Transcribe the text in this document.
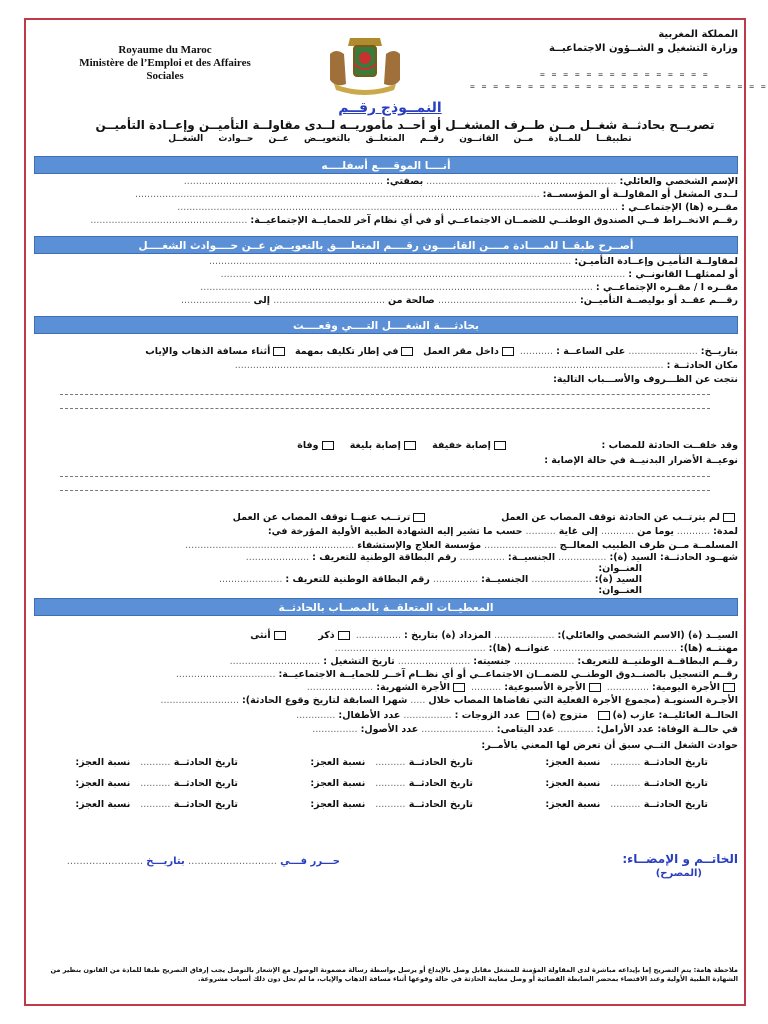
Royaume du Maroc
Ministère de l’Emploi et des Affaires
Sociales
المملكة المغربية
وزارة التشغيل و الشــؤون الاجتماعيــة
= = = = = = = = = = = = = = =
= = = = = = = = = = = = = = = = = = = = = = = = = =
النمــوذج رقــم
تصريــح بحادثــة شغــل مــن طــرف المشغــل أو أحــد مأموريــه لــدى مقاولــة التأميــن وإعــادة التأميــن
تطبيقــا للمــادة مــن القانــون رقــم المتعلــق بالتعويــض عــن حــوادث الشغــل
أنــــا الموقــــع أسفلــــه
الإسم الشخصي والعائلي: ............................................................... بصفتي: ..................................................................
لــدى المشغل أو المقاولــة أو المؤسســة: ......................................................................................................................................
مقــره (ها) الإجتماعــي : ..................................................................................................................................................
رقــم الانخــراط فــي الصندوق الوطنــي للضمــان الاجتماعــي أو في أي نظام آخر للحمايــة الإجتماعيــة: ....................................................
أصــرح طبقــا للمــــادة مــــن القانــــون رقــــم المتعلــــق بالتعويــض عــن حــــوادث الشغــــل
لمقاولــة التأميـن وإعــادة التأميـن: ........................................................................................................................
أو لممثلهــا القانونــي : ......................................................................................................................................
مقــره ا / مقــره الإجتماعــي : ..................................................................................................................................
رقـــم عقــد أو بوليصــة التأميــن: .............................................. صالحة من ..................................... إلى .......................
بحادثــــة الشغــــل التــــي وقعــــت
بتاريــخ: ....................... على الساعــة : ........... داخل مقر العمل  في إطار تكليف بمهمة  أثناء مسافة الذهاب والإياب
مكان الحادثــة : ..............................................................................................................................................
نتجت عن الظـــروف والأســـباب التالية:
وقد خلفــت الحادثة للمصاب :                            إصابة خفيفة    إصابة بليغة    وفاة
نوعيــة الأضرار البدنيــة في حالة الإصابة :
لم يترتــب عن الحادثة توقف المصاب عن العمل                      ترتــب عنهــا توقف المصاب عن العمل
لمدة: ........... يوما من ........... إلى غاية .......... حسب ما تشير إليه الشهادة الطبية الأولية المؤرخة في:
المسلمــة مــن طرف الطبيب المعالــج ........................ مؤسسة العلاج والإستشفاء ........................................................
شهــود الحادثــة: السيد (ة): ................ الجنسيــة: ............... رقم البطاقة الوطنية للتعريف : .....................
العنــوان:
السيد (ة): .................... الجنسيــة: ............... رقم البطاقة الوطنية للتعريف : .....................
العنــوان:
المعطيــات المتعلقــة بالمصــاب بالحادثــة
السيــد (ة) (الاسم الشخصي والعائلي): .................... المزداد (ة) بتاريخ : ............... ذكر         أنثى
مهنتــه (ها): ......................................... عنوانــه (ها): ..................................................
رقــم البطاقــة الوطنيــة للتعريف: .................... جنسيته: ........................ تاريخ التشغيل : ..............................
رقــم التسجيل بالصنــدوق الوطنــي للضمــان الاجتماعــي أو أي نظــام آخــر للحمايــة الاجتماعيــة: .................................
الأجرة اليومية: .............. الأجرة الأسبوعية: .......... الأجرة الشهرية: ......................
الأجـرة السنويـة (مجموع الأجرة الفعلية التي تقاضاها المصاب خلال ..... شهرا السابقة لتاريخ وقوع الحادثة): ..........................
الحالــة العائليــة: عازب (ة)  متزوج (ة) عدد الزوجات : ................ عدد الأطفال: .............
في حالــة الوفاة: عدد الأرامل: ............ عدد اليتامى: ........................ عدد الأصول: ...............
حوادث الشغل التــي سبق أن تعرض لها المعني بالأمــر:
تاريخ الحادثــة ..........   نسبة العجز:
تاريخ الحادثــة ..........   نسبة العجز:
تاريخ الحادثــة ..........   نسبة العجز:
تاريخ الحادثــة ..........   نسبة العجز:
تاريخ الحادثــة ..........   نسبة العجز:
تاريخ الحادثــة ..........   نسبة العجز:
تاريخ الحادثــة ..........   نسبة العجز:
تاريخ الحادثــة ..........   نسبة العجز:
تاريخ الحادثــة ..........   نسبة العجز:
الخاتــم و الإمضــاء:
(المصرح)
حـــرر فـــي ............................ بتاريـــخ ........................
ملاحظة هامة: يتم التصريح إما بإيداعه مباشرة لدى المقاولة المؤمنة للمشغل مقابل وصل بالإيداع أو يرسل بواسطة رسالة مضمونة الوصول مع الإشعار بالتوصل يجب إرفاق التصريح طبقا للمادة من القانون بنظير من الشهادة الطبية الأولية وعند الاقتضاء بمحضر الضابطة القضائية أو وصل معاينة الحادثة في حالة وقوعها أثناء مسافة الذهاب والإياب، ما لم تحل دون ذلك أسباب مشروعة.
